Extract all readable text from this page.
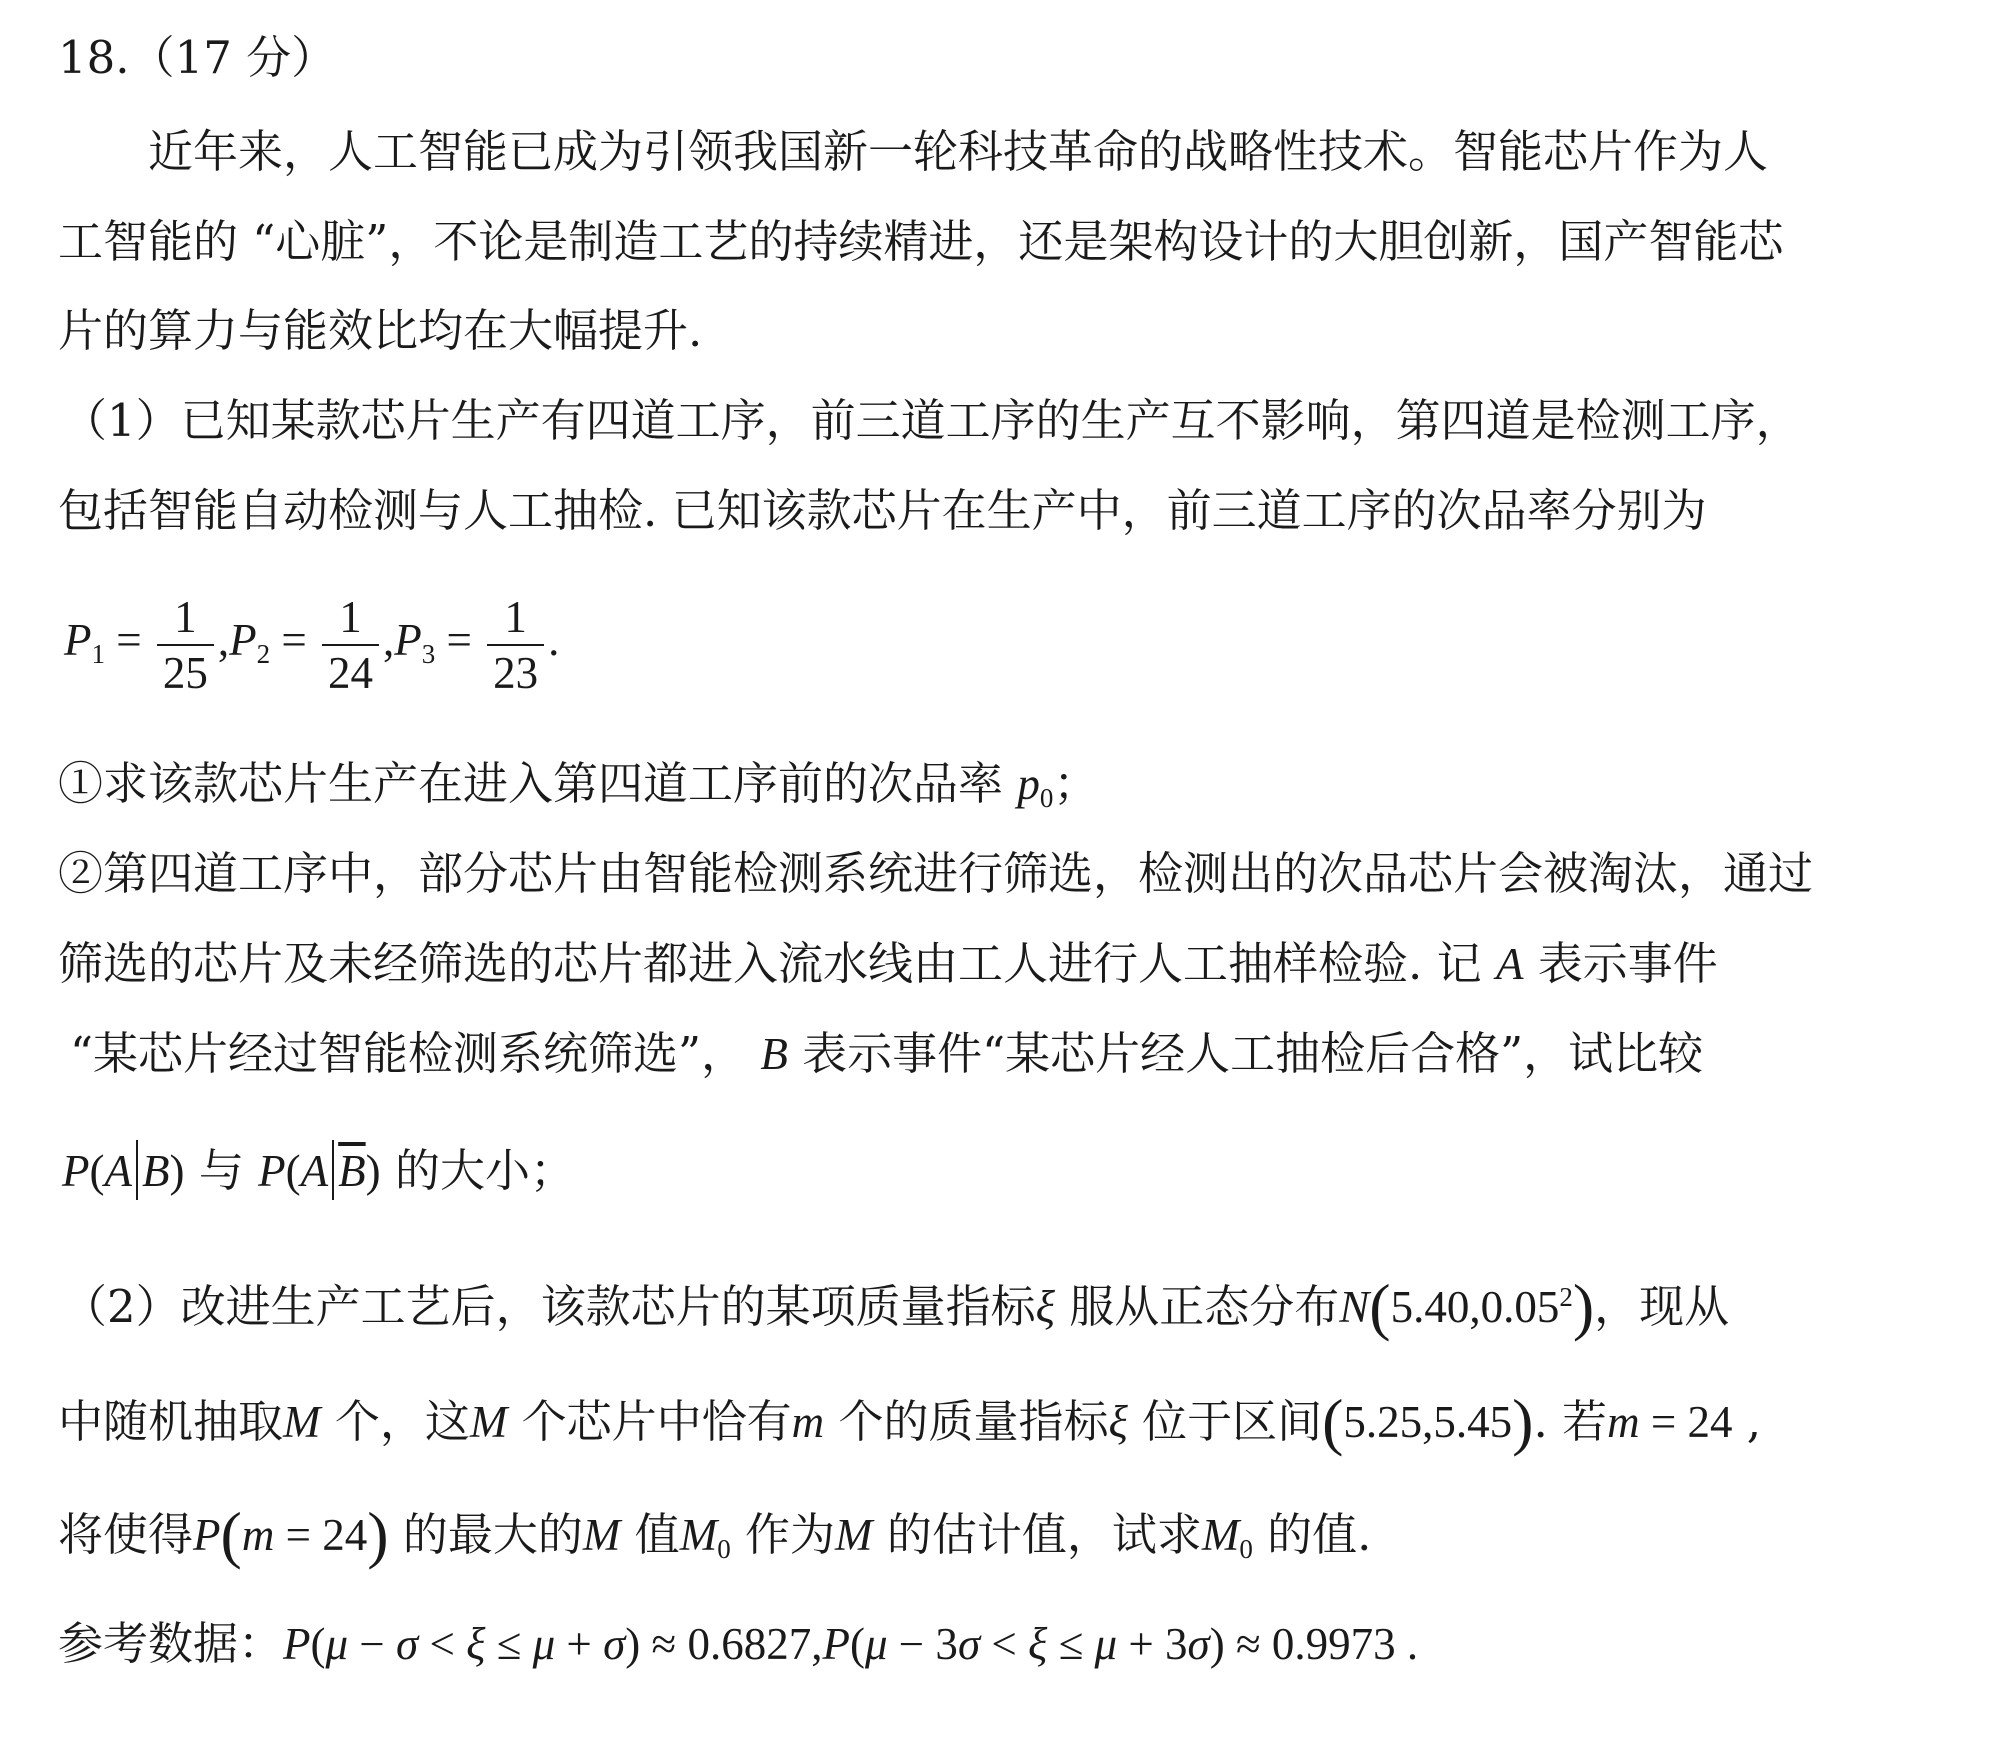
18.（17 分）
近年来，人工智能已成为引领我国新一轮科技革命的战略性技术。智能芯片作为人
工智能的 “心脏”，不论是制造工艺的持续精进，还是架构设计的大胆创新，国产智能芯
片的算力与能效比均在大幅提升.
（1）已知某款芯片生产有四道工序，前三道工序的生产互不影响，第四道是检测工序，
包括智能自动检测与人工抽检. 已知该款芯片在生产中，前三道工序的次品率分别为
$P_1 = \frac{1}{25} ,P_2 = \frac{1}{24} ,P_3 = \frac{1}{23}$ .
①求该款芯片生产在进入第四道工序前的次品率 $p_0$；
②第四道工序中，部分芯片由智能检测系统进行筛选，检测出的次品芯片会被淘汰，通过
筛选的芯片及未经筛选的芯片都进入流水线由工人进行人工抽样检验. 记 A 表示事件
“某芯片经过智能检测系统筛选”， B 表示事件“某芯片经人工抽检后合格”，试比较
P(A B) 与 P(A $\overline{B}$) 的大小；
（2）改进生产工艺后，该款芯片的某项质量指标ξ 服从正态分布N(5.40,0.05$^2$)，现从
中随机抽取M 个，这M 个芯片中恰有m 个的质量指标ξ 位于区间(5.25,5.45). 若m = 24 ,
将使得P(m = 24) 的最大的M 值$M_0$ 作为M 的估计值，试求$M_0$ 的值.
参考数据：P(μ − σ < ξ ≤ μ + σ) ≈ 0.6827,P(μ − 3σ < ξ ≤ μ + 3σ) ≈ 0.9973 .
